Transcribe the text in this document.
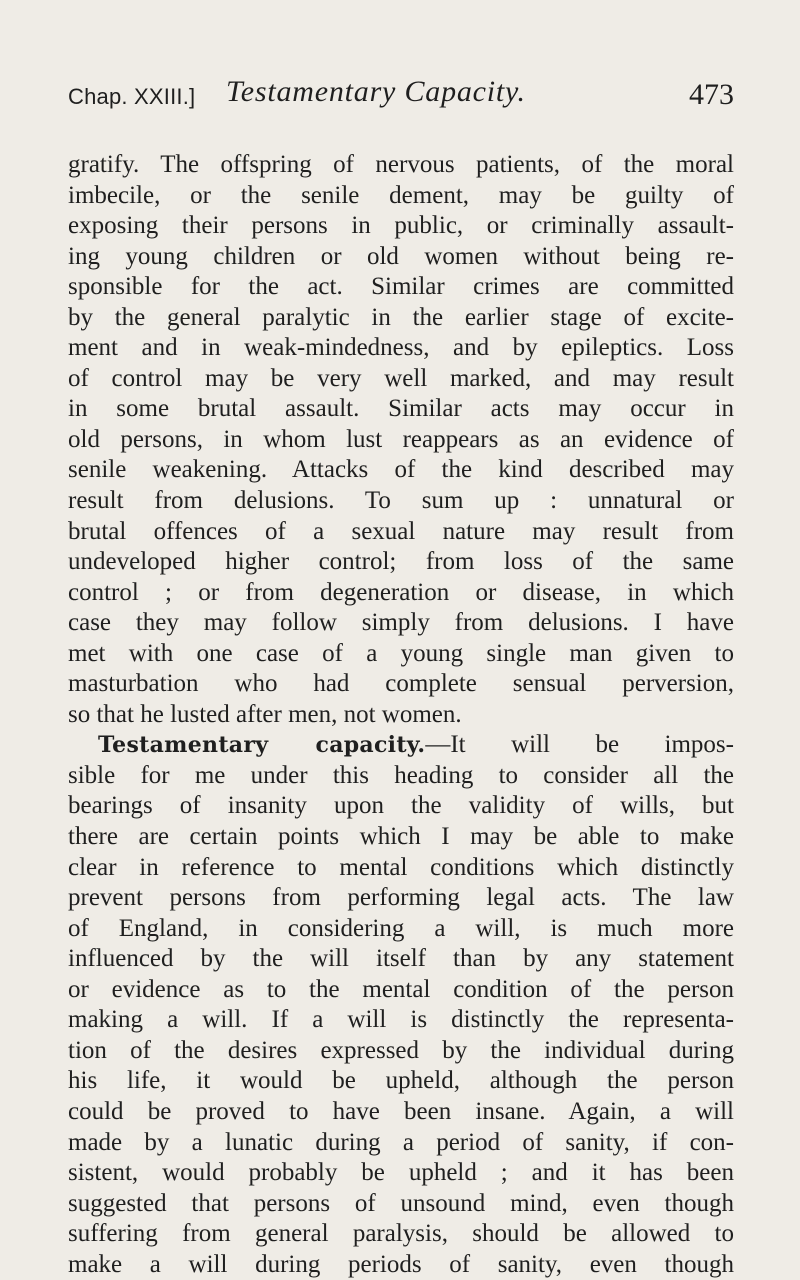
Chap. XXIII.] Testamentary Capacity.	473
gratify. The offspring of nervous patients, of the moral
imbecile, or the senile dement, may be guilty of
exposing their persons in public, or criminally assault-
ing young children or old women without being re-
sponsible for the act. Similar crimes are committed
by the general paralytic in the earlier stage of excite-
ment and in weak-mindedness, and by epileptics. Loss
of control may be very well marked, and may result
in some brutal assault. Similar acts may occur in
old persons, in whom lust reappears as an evidence of
senile weakening. Attacks of the kind described may
result from delusions. To sum up : unnatural or
brutal offences of a sexual nature may result from
undeveloped higher control; from loss of the same
control ; or from degeneration or disease, in which
case they may follow simply from delusions. I have
met with one case of a young single man given to
masturbation who had complete sensual perversion,
so that he lusted after men, not women.
Testamentary capacity.—It will be impos-
sible for me under this heading to consider all the
bearings of insanity upon the validity of wills, but
there are certain points which I may be able to make
clear in reference to mental conditions which distinctly
prevent persons from performing legal acts. The law
of England, in considering a will, is much more
influenced by the will itself than by any statement
or evidence as to the mental condition of the person
making a will. If a will is distinctly the representa-
tion of the desires expressed by the individual during
his life, it would be upheld, although the person
could be proved to have been insane. Again, a will
made by a lunatic during a period of sanity, if con-
sistent, would probably be upheld ; and it has been
suggested that persons of unsound mind, even though
suffering from general paralysis, should be allowed to
make a will during periods of sanity, even though
